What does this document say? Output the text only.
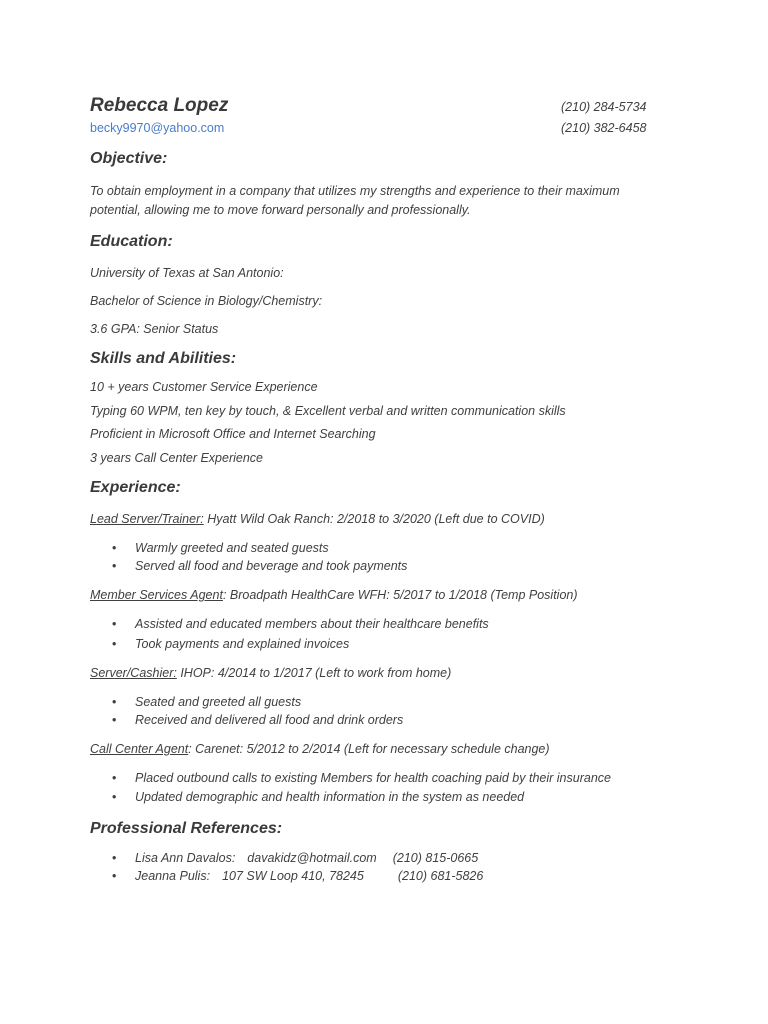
Rebecca Lopez
becky9970@yahoo.com
(210) 284-5734
(210) 382-6458
Objective:
To obtain employment in a company that utilizes my strengths and experience to their maximum potential, allowing me to move forward personally and professionally.
Education:
University of Texas at San Antonio:
Bachelor of Science in Biology/Chemistry:
3.6 GPA: Senior Status
Skills and Abilities:
10 + years Customer Service Experience
Typing 60 WPM, ten key by touch, & Excellent verbal and written communication skills
Proficient in Microsoft Office and Internet Searching
3 years Call Center Experience
Experience:
Lead Server/Trainer: Hyatt Wild Oak Ranch: 2/2018 to 3/2020 (Left due to COVID)
• Warmly greeted and seated guests
• Served all food and beverage and took payments
Member Services Agent: Broadpath HealthCare WFH: 5/2017 to 1/2018 (Temp Position)
• Assisted and educated members about their healthcare benefits
• Took payments and explained invoices
Server/Cashier: IHOP: 4/2014 to 1/2017 (Left to work from home)
• Seated and greeted all guests
• Received and delivered all food and drink orders
Call Center Agent: Carenet: 5/2012 to 2/2014 (Left for necessary schedule change)
• Placed outbound calls to existing Members for health coaching paid by their insurance
• Updated demographic and health information in the system as needed
Professional References:
• Lisa Ann Davalos: davakidz@hotmail.com (210) 815-0665
• Jeanna Pulis: 107 SW Loop 410, 78245	(210) 681-5826
